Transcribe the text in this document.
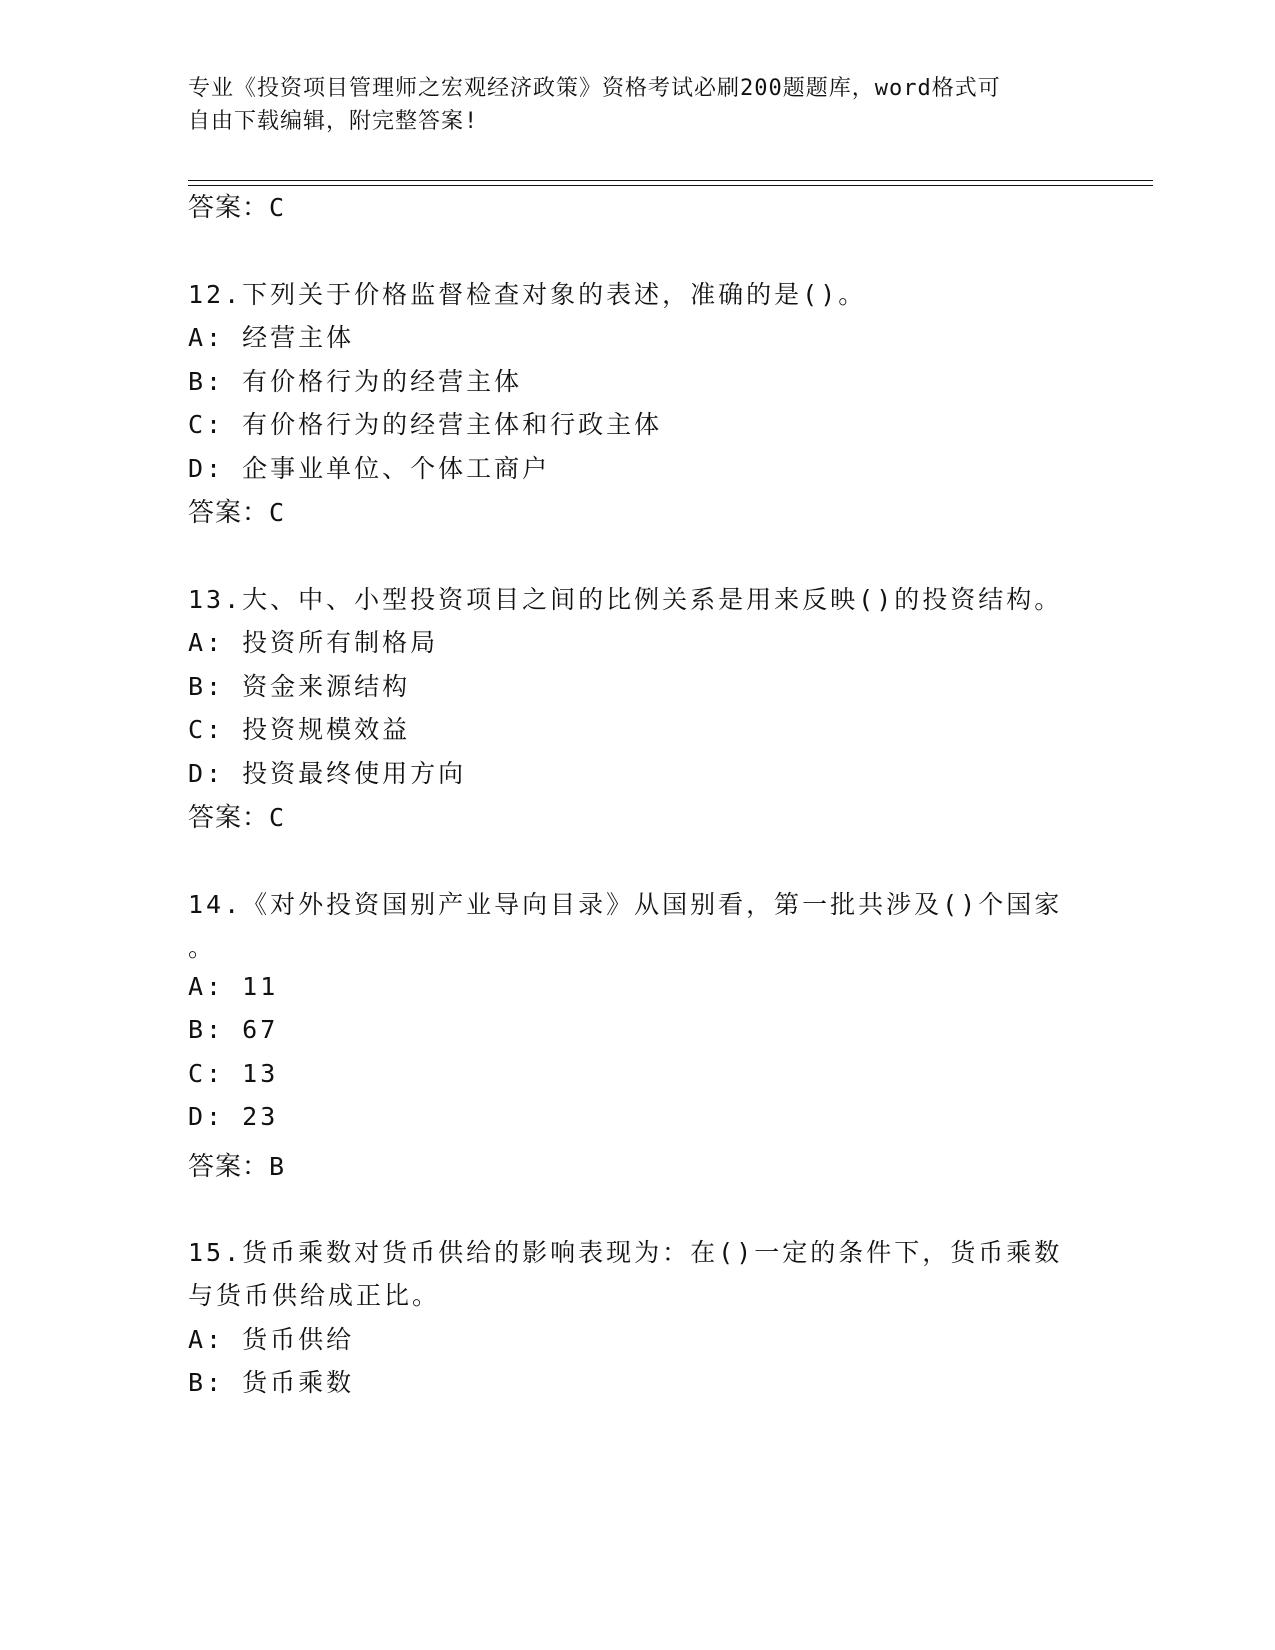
专业《投资项目管理师之宏观经济政策》资格考试必刷200题题库，word格式可
自由下载编辑，附完整答案!
答案：C
12.下列关于价格监督检查对象的表述，准确的是()。
A: 经营主体
B: 有价格行为的经营主体
C: 有价格行为的经营主体和行政主体
D: 企事业单位、个体工商户
答案：C
13.大、中、小型投资项目之间的比例关系是用来反映()的投资结构。
A: 投资所有制格局
B: 资金来源结构
C: 投资规模效益
D: 投资最终使用方向
答案：C
14.《对外投资国别产业导向目录》从国别看，第一批共涉及()个国家
。
A: 11
B: 67
C: 13
D: 23
答案：B
15.货币乘数对货币供给的影响表现为：在()一定的条件下，货币乘数
与货币供给成正比。
A: 货币供给
B: 货币乘数
